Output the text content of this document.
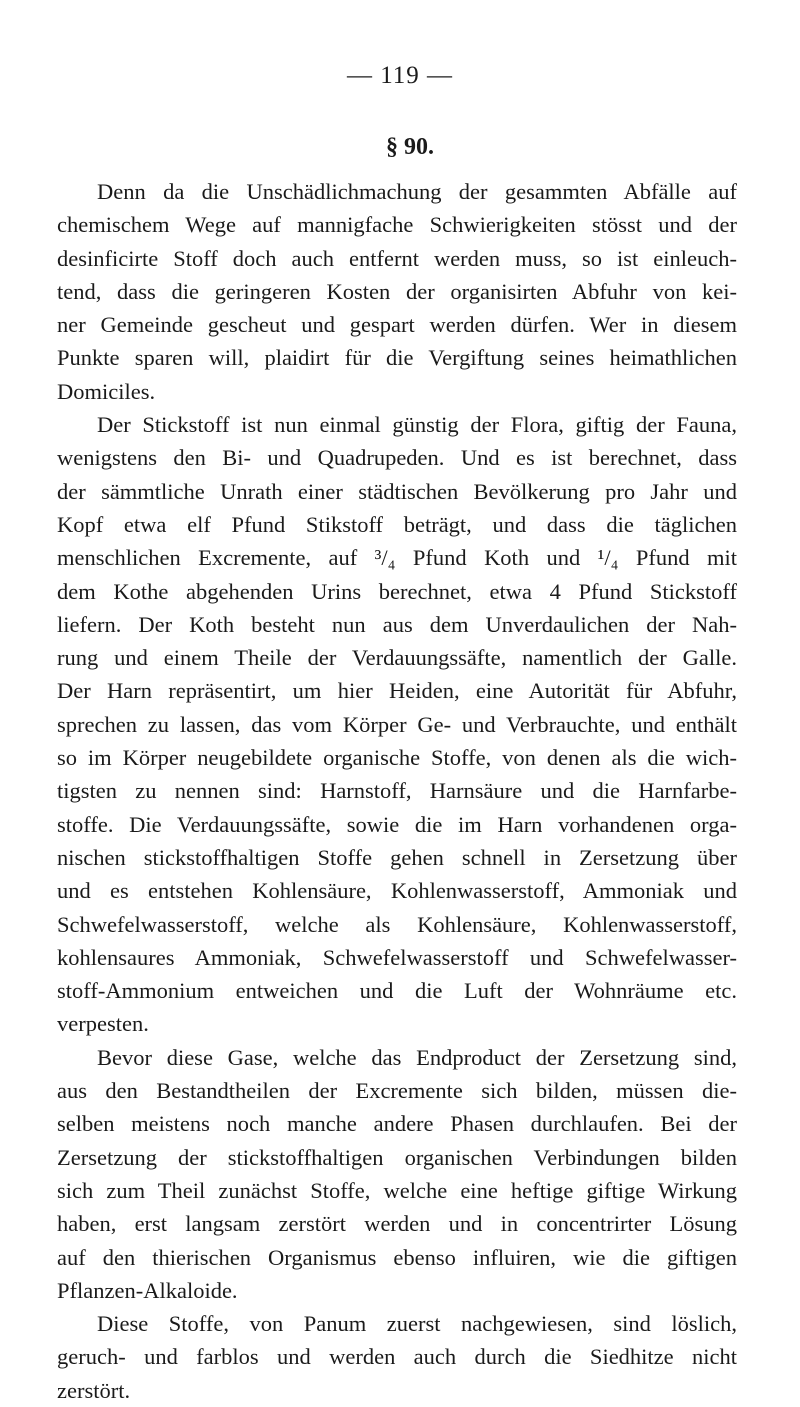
— 119 —
§ 90.
Denn da die Unschädlichmachung der gesammten Abfälle auf
chemischem Wege auf mannigfache Schwierigkeiten stösst und der
desinficirte Stoff doch auch entfernt werden muss, so ist einleuch-
tend, dass die geringeren Kosten der organisirten Abfuhr von kei-
ner Gemeinde gescheut und gespart werden dürfen. Wer in diesem
Punkte sparen will, plaidirt für die Vergiftung seines heimathlichen
Domiciles.
Der Stickstoff ist nun einmal günstig der Flora, giftig der Fauna,
wenigstens den Bi- und Quadrupeden. Und es ist berechnet, dass
der sämmtliche Unrath einer städtischen Bevölkerung pro Jahr und
Kopf etwa elf Pfund Stikstoff beträgt, und dass die täglichen
menschlichen Excremente, auf ³/₄ Pfund Koth und ¹/₄ Pfund mit
dem Kothe abgehenden Urins berechnet, etwa 4 Pfund Stickstoff
liefern. Der Koth besteht nun aus dem Unverdaulichen der Nah-
rung und einem Theile der Verdauungssäfte, namentlich der Galle.
Der Harn repräsentirt, um hier Heiden, eine Autorität für Abfuhr,
sprechen zu lassen, das vom Körper Ge- und Verbrauchte, und enthält
so im Körper neugebildete organische Stoffe, von denen als die wich-
tigsten zu nennen sind: Harnstoff, Harnsäure und die Harnfarbe-
stoffe. Die Verdauungssäfte, sowie die im Harn vorhandenen orga-
nischen stickstoffhaltigen Stoffe gehen schnell in Zersetzung über
und es entstehen Kohlensäure, Kohlenwasserstoff, Ammoniak und
Schwefelwasserstoff, welche als Kohlensäure, Kohlenwasserstoff,
kohlensaures Ammoniak, Schwefelwasserstoff und Schwefelwasser-
stoff-Ammonium entweichen und die Luft der Wohnräume etc.
verpesten.
Bevor diese Gase, welche das Endproduct der Zersetzung sind,
aus den Bestandtheilen der Excremente sich bilden, müssen die-
selben meistens noch manche andere Phasen durchlaufen. Bei der
Zersetzung der stickstoffhaltigen organischen Verbindungen bilden
sich zum Theil zunächst Stoffe, welche eine heftige giftige Wirkung
haben, erst langsam zerstört werden und in concentrirter Lösung
auf den thierischen Organismus ebenso influiren, wie die giftigen
Pflanzen-Alkaloide.
Diese Stoffe, von Panum zuerst nachgewiesen, sind löslich,
geruch- und farblos und werden auch durch die Siedhitze nicht
zerstört.
